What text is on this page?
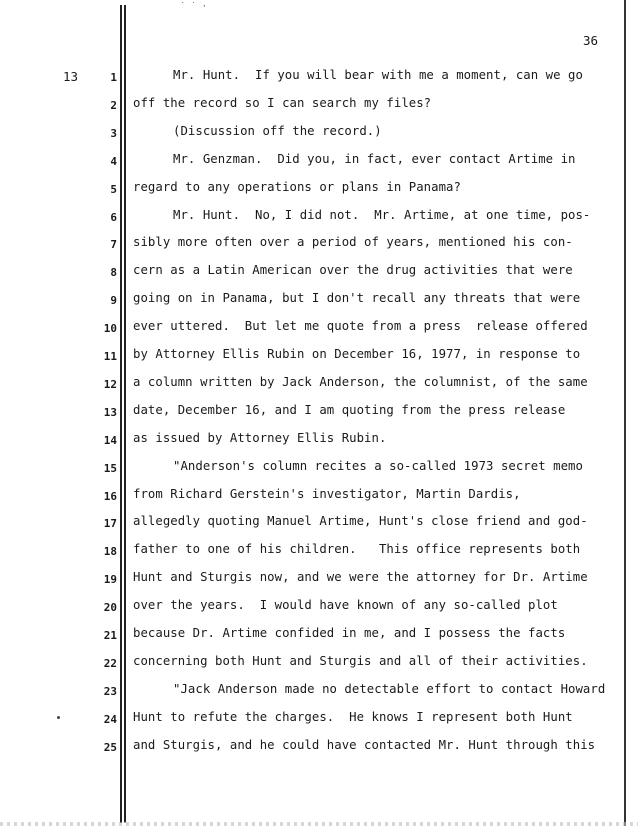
˙ ˙ ·
36
13	1	Mr. Hunt.  If you will bear with me a moment, can we go
2 off the record so I can search my files?
3	(Discussion off the record.)
4	Mr. Genzman.  Did you, in fact, ever contact Artime in
5 regard to any operations or plans in Panama?
6	Mr. Hunt.  No, I did not.  Mr. Artime, at one time, pos-
7 sibly more often over a period of years, mentioned his con-
8 cern as a Latin American over the drug activities that were
9 going on in Panama, but I don't recall any threats that were
10 ever uttered.  But let me quote from a press  release offered
11 by Attorney Ellis Rubin on December 16, 1977, in response to
12 a column written by Jack Anderson, the columnist, of the same
13 date, December 16, and I am quoting from the press release
14 as issued by Attorney Ellis Rubin.
15	"Anderson's column recites a so-called 1973 secret memo
16 from Richard Gerstein's investigator, Martin Dardis,
17 allegedly quoting Manuel Artime, Hunt's close friend and god-
18 father to one of his children.   This office represents both
19 Hunt and Sturgis now, and we were the attorney for Dr. Artime
20 over the years.  I would have known of any so-called plot
21 because Dr. Artime confided in me, and I possess the facts
22 concerning both Hunt and Sturgis and all of their activities.
23	"Jack Anderson made no detectable effort to contact Howard
24 Hunt to refute the charges.  He knows I represent both Hunt
25 and Sturgis, and he could have contacted Mr. Hunt through this
